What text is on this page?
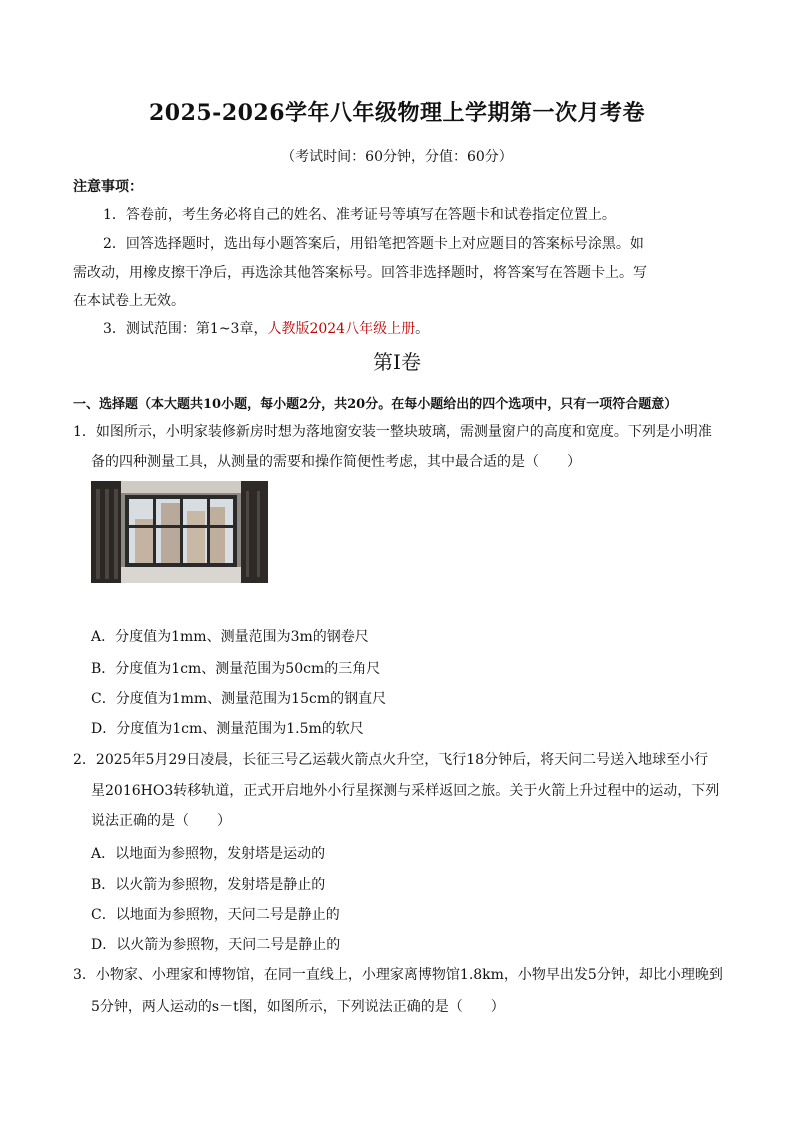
2025-2026学年八年级物理上学期第一次月考卷
（考试时间：60分钟，分值：60分）
注意事项：
1．答卷前，考生务必将自己的姓名、准考证号等填写在答题卡和试卷指定位置上。
2．回答选择题时，选出每小题答案后，用铅笔把答题卡上对应题目的答案标号涂黑。如
需改动，用橡皮擦干净后，再选涂其他答案标号。回答非选择题时，将答案写在答题卡上。写
在本试卷上无效。
3．测试范围：第1~3章，人教版2024八年级上册。
第Ⅰ卷
一、选择题（本大题共10小题，每小题2分，共20分。在每小题给出的四个选项中，只有一项符合题意）
1．如图所示，小明家装修新房时想为落地窗安装一整块玻璃，需测量窗户的高度和宽度。下列是小明准
备的四种测量工具，从测量的需要和操作简便性考虑，其中最合适的是（　　）
A．分度值为1mm、测量范围为3m的钢卷尺
B．分度值为1cm、测量范围为50cm的三角尺
C．分度值为1mm、测量范围为15cm的钢直尺
D．分度值为1cm、测量范围为1.5m的软尺
2．2025年5月29日凌晨，长征三号乙运载火箭点火升空，飞行18分钟后，将天问二号送入地球至小行
星2016HO3转移轨道，正式开启地外小行星探测与采样返回之旅。关于火箭上升过程中的运动，下列
说法正确的是（　　）
A．以地面为参照物，发射塔是运动的
B．以火箭为参照物，发射塔是静止的
C．以地面为参照物，天问二号是静止的
D．以火箭为参照物，天问二号是静止的
3．小物家、小理家和博物馆，在同一直线上，小理家离博物馆1.8km，小物早出发5分钟，却比小理晚到
5分钟，两人运动的s－t图，如图所示，下列说法正确的是（　　）
